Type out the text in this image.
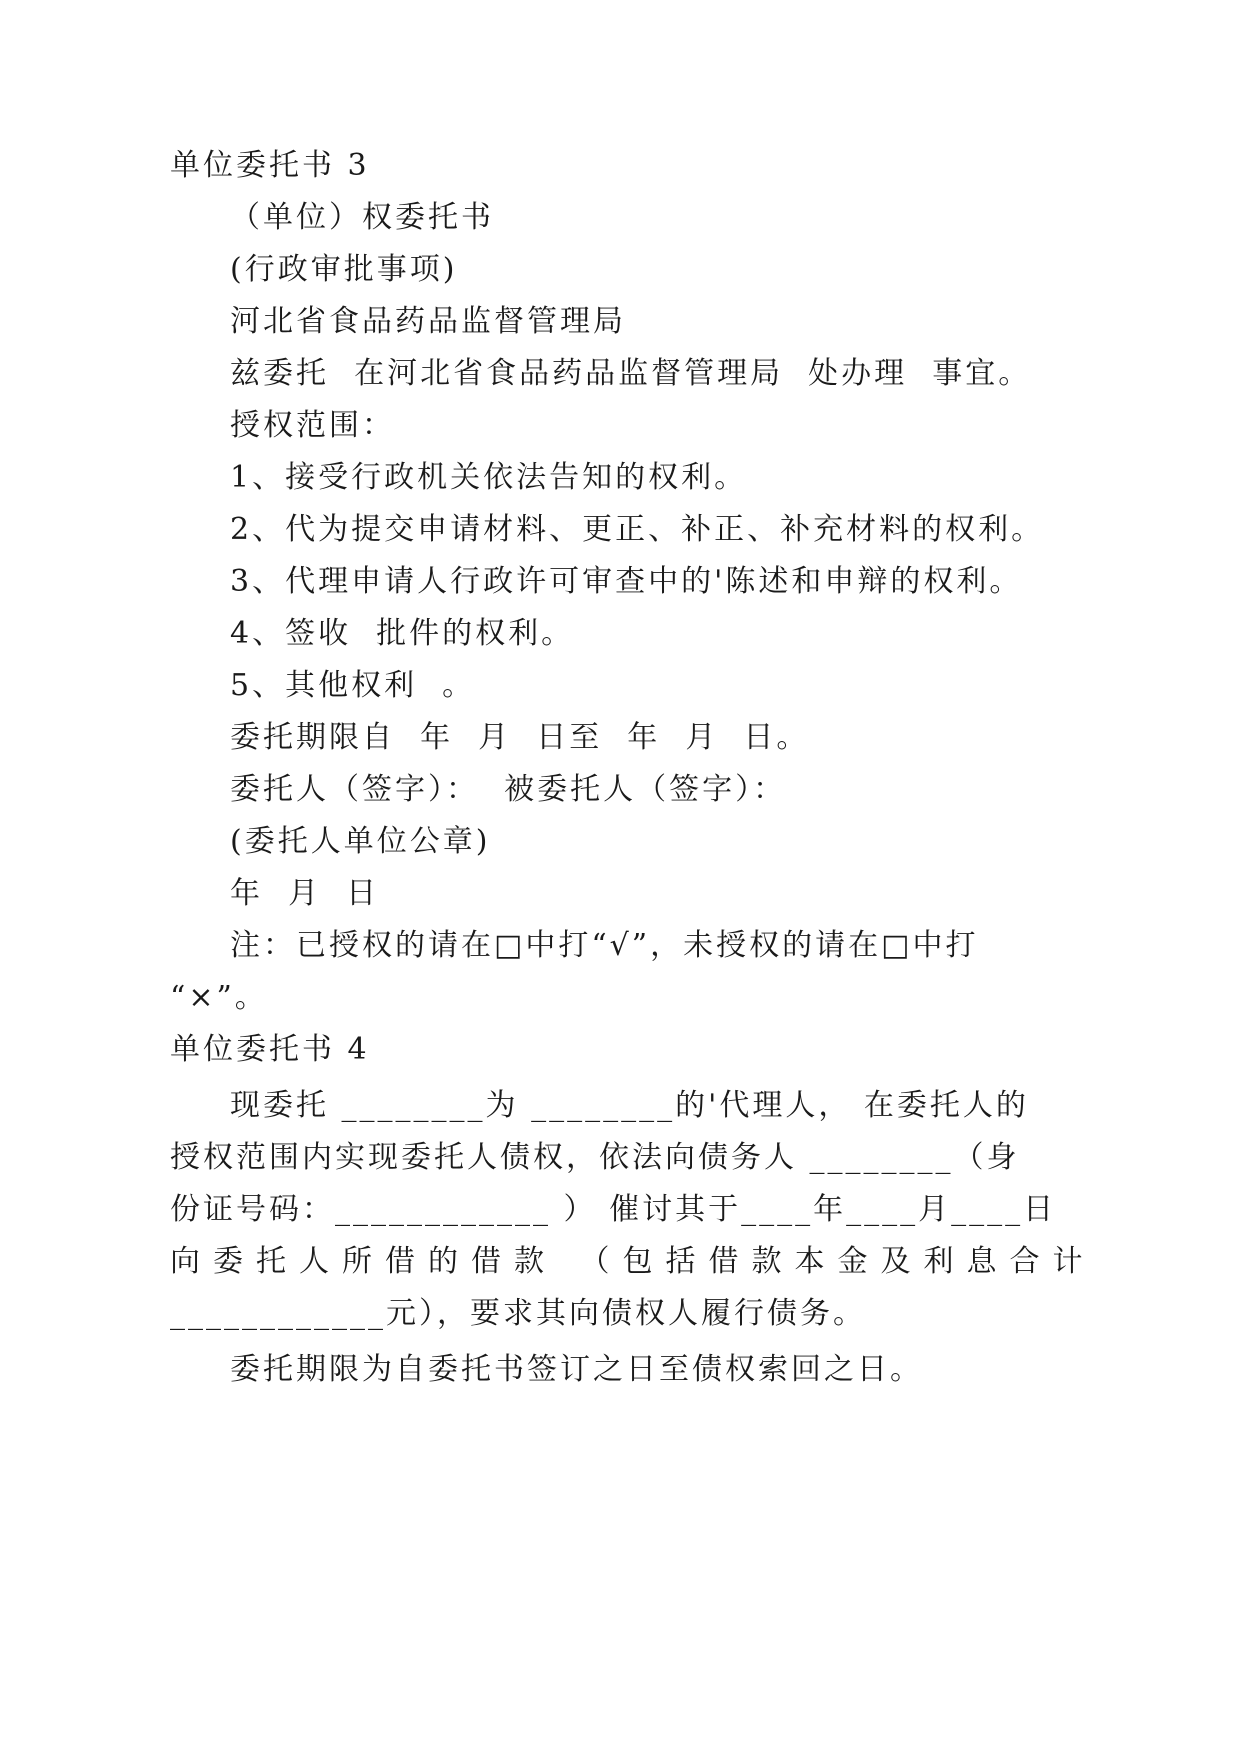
单位委托书 3
（单位）权委托书
(行政审批事项)
河北省食品药品监督管理局
兹委托  在河北省食品药品监督管理局  处办理  事宜。
授权范围：
1、接受行政机关依法告知的权利。
2、代为提交申请材料、更正、补正、补充材料的权利。
3、代理申请人行政许可审查中的'陈述和申辩的权利。
4、签收  批件的权利。
5、其他权利  。
委托期限自  年  月  日至  年  月  日。
委托人（签字）：  被委托人（签字）：
(委托人单位公章)
年  月  日
注：已授权的请在□中打“√”，未授权的请在□中打
“×”。
单位委托书 4
现委托 ________为 ________的'代理人， 在委托人的
授权范围内实现委托人债权，依法向债务人 ________（身
份证号码：____________ ） 催讨其于____年____月____日
向委托人所借的借款 （包括借款本金及利息合计
____________元），要求其向债权人履行债务。
委托期限为自委托书签订之日至债权索回之日。
